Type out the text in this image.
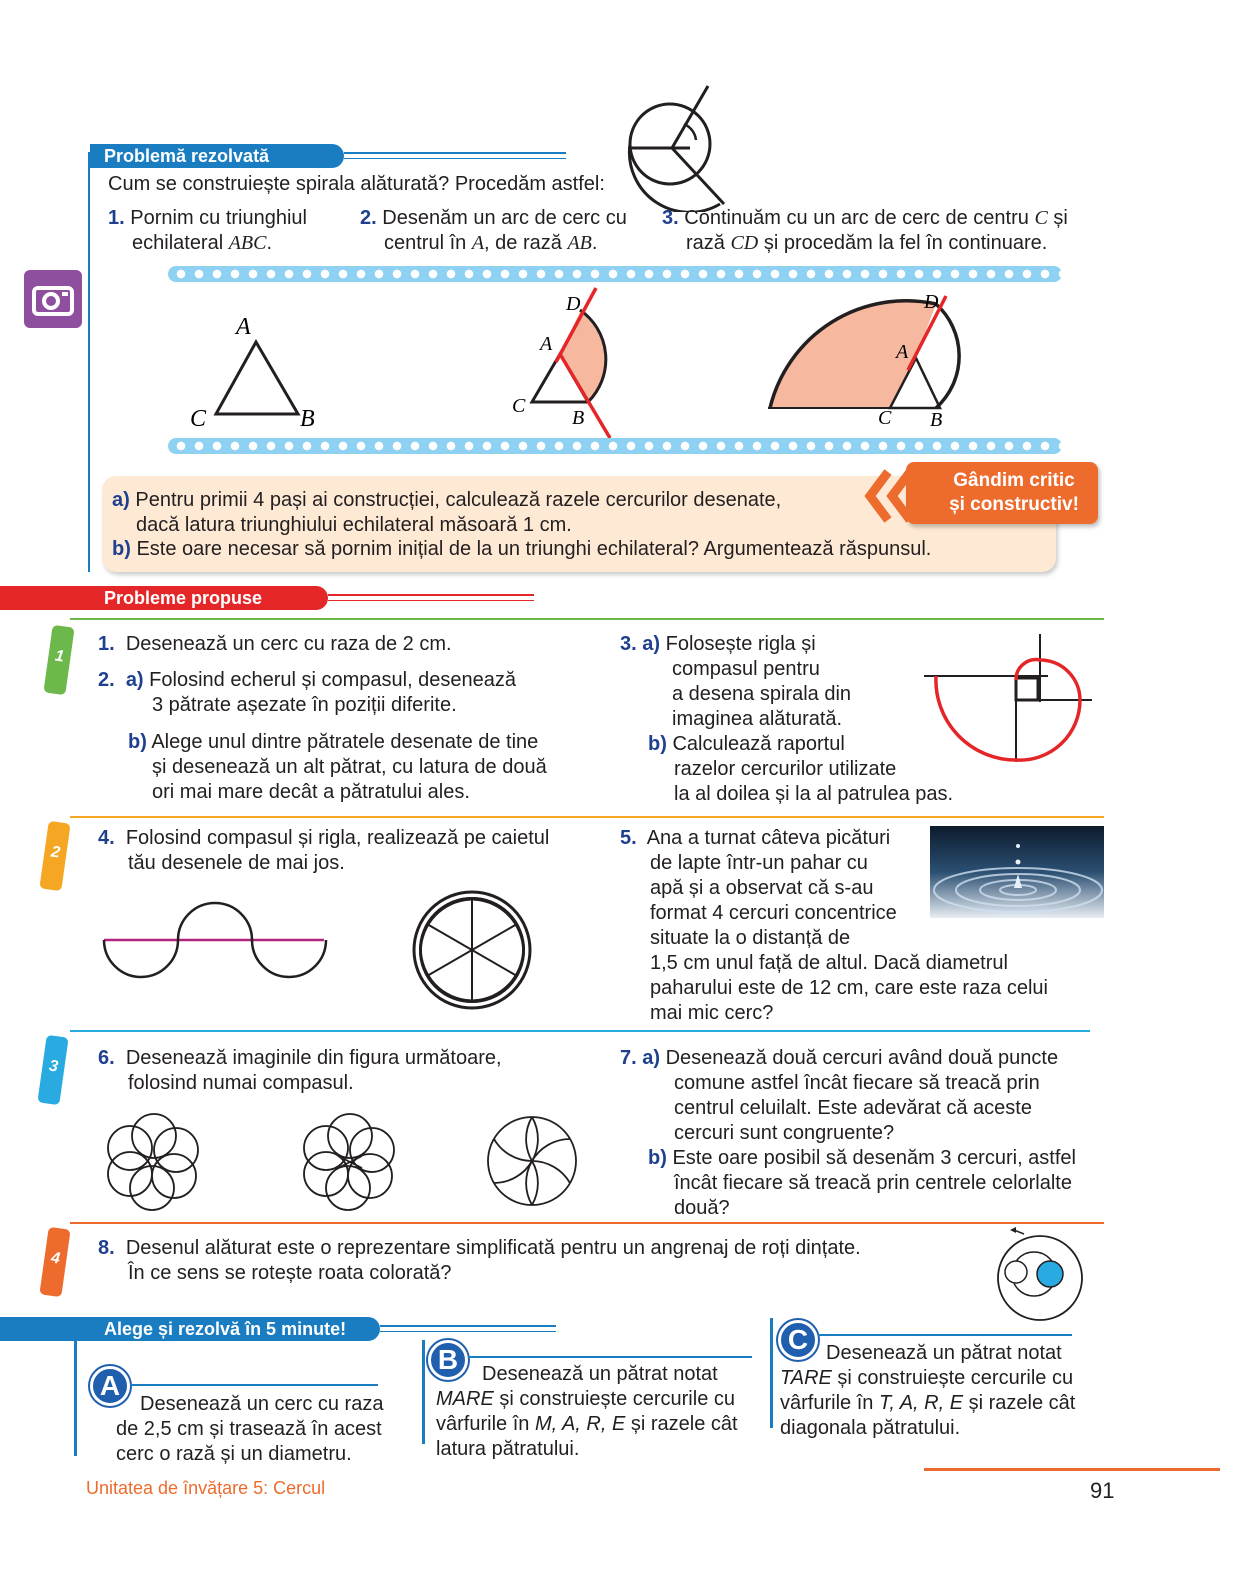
Problemă rezolvată
Cum se construiește spirala alăturată? Procedăm astfel:
1. Pornim cu triunghiul
echilateral ABC.
2. Desenăm un arc de cerc cu
centrul în A, de rază AB.
3. Continuăm cu un arc de cerc de centru C și
rază CD și procedăm la fel în continuare.
A
C	B
D
A
C
B
D
A
C B
Gândim critic
și constructiv!
a) Pentru primii 4 pași ai construcției, calculează razele cercurilor desenate,
dacă latura triunghiului echilateral măsoară 1 cm.
b) Este oare necesar să pornim inițial de la un triunghi echilateral? Argumentează răspunsul.
Probleme propuse
1
2
3
4
1. Desenează un cerc cu raza de 2 cm.
2. a) Folosind echerul și compasul, desenează
3 pătrate așezate în poziții diferite.
b) Alege unul dintre pătratele desenate de tine
și desenează un alt pătrat, cu latura de două
ori mai mare decât a pătratului ales.
3. a) Folosește rigla și
compasul pentru
a desena spirala din
imaginea alăturată.
b) Calculează raportul
razelor cercurilor utilizate
la al doilea și la al patrulea pas.
4. Folosind compasul și rigla, realizează pe caietul
tău desenele de mai jos.
5. Ana a turnat câteva picături
de lapte într-un pahar cu
apă și a observat că s-au
format 4 cercuri concentrice
situate la o distanță de
1,5 cm unul față de altul. Dacă diametrul
paharului este de 12 cm, care este raza celui
mai mic cerc?
6. Desenează imaginile din figura următoare,
folosind numai compasul.
7. a) Desenează două cercuri având două puncte
comune astfel încât fiecare să treacă prin
centrul celuilalt. Este adevărat că aceste
cercuri sunt congruente?
b) Este oare posibil să desenăm 3 cercuri, astfel
încât fiecare să treacă prin centrele celorlalte
două?
8. Desenul alăturat este o reprezentare simplificată pentru un angrenaj de roți dințate.
În ce sens se rotește roata colorată?
Alege și rezolvă în 5 minute!
A
Desenează un cerc cu raza
de 2,5 cm și trasează în acest
cerc o rază și un diametru.
B	Desenează un pătrat notat
MARE și construiește cercurile cu
vârfurile în M, A, R, E și razele cât
latura pătratului.
C Desenează un pătrat notat
TARE și construiește cercurile cu
vârfurile în T, A, R, E și razele cât
diagonala pătratului.
Unitatea de învățare 5: Cercul	91
